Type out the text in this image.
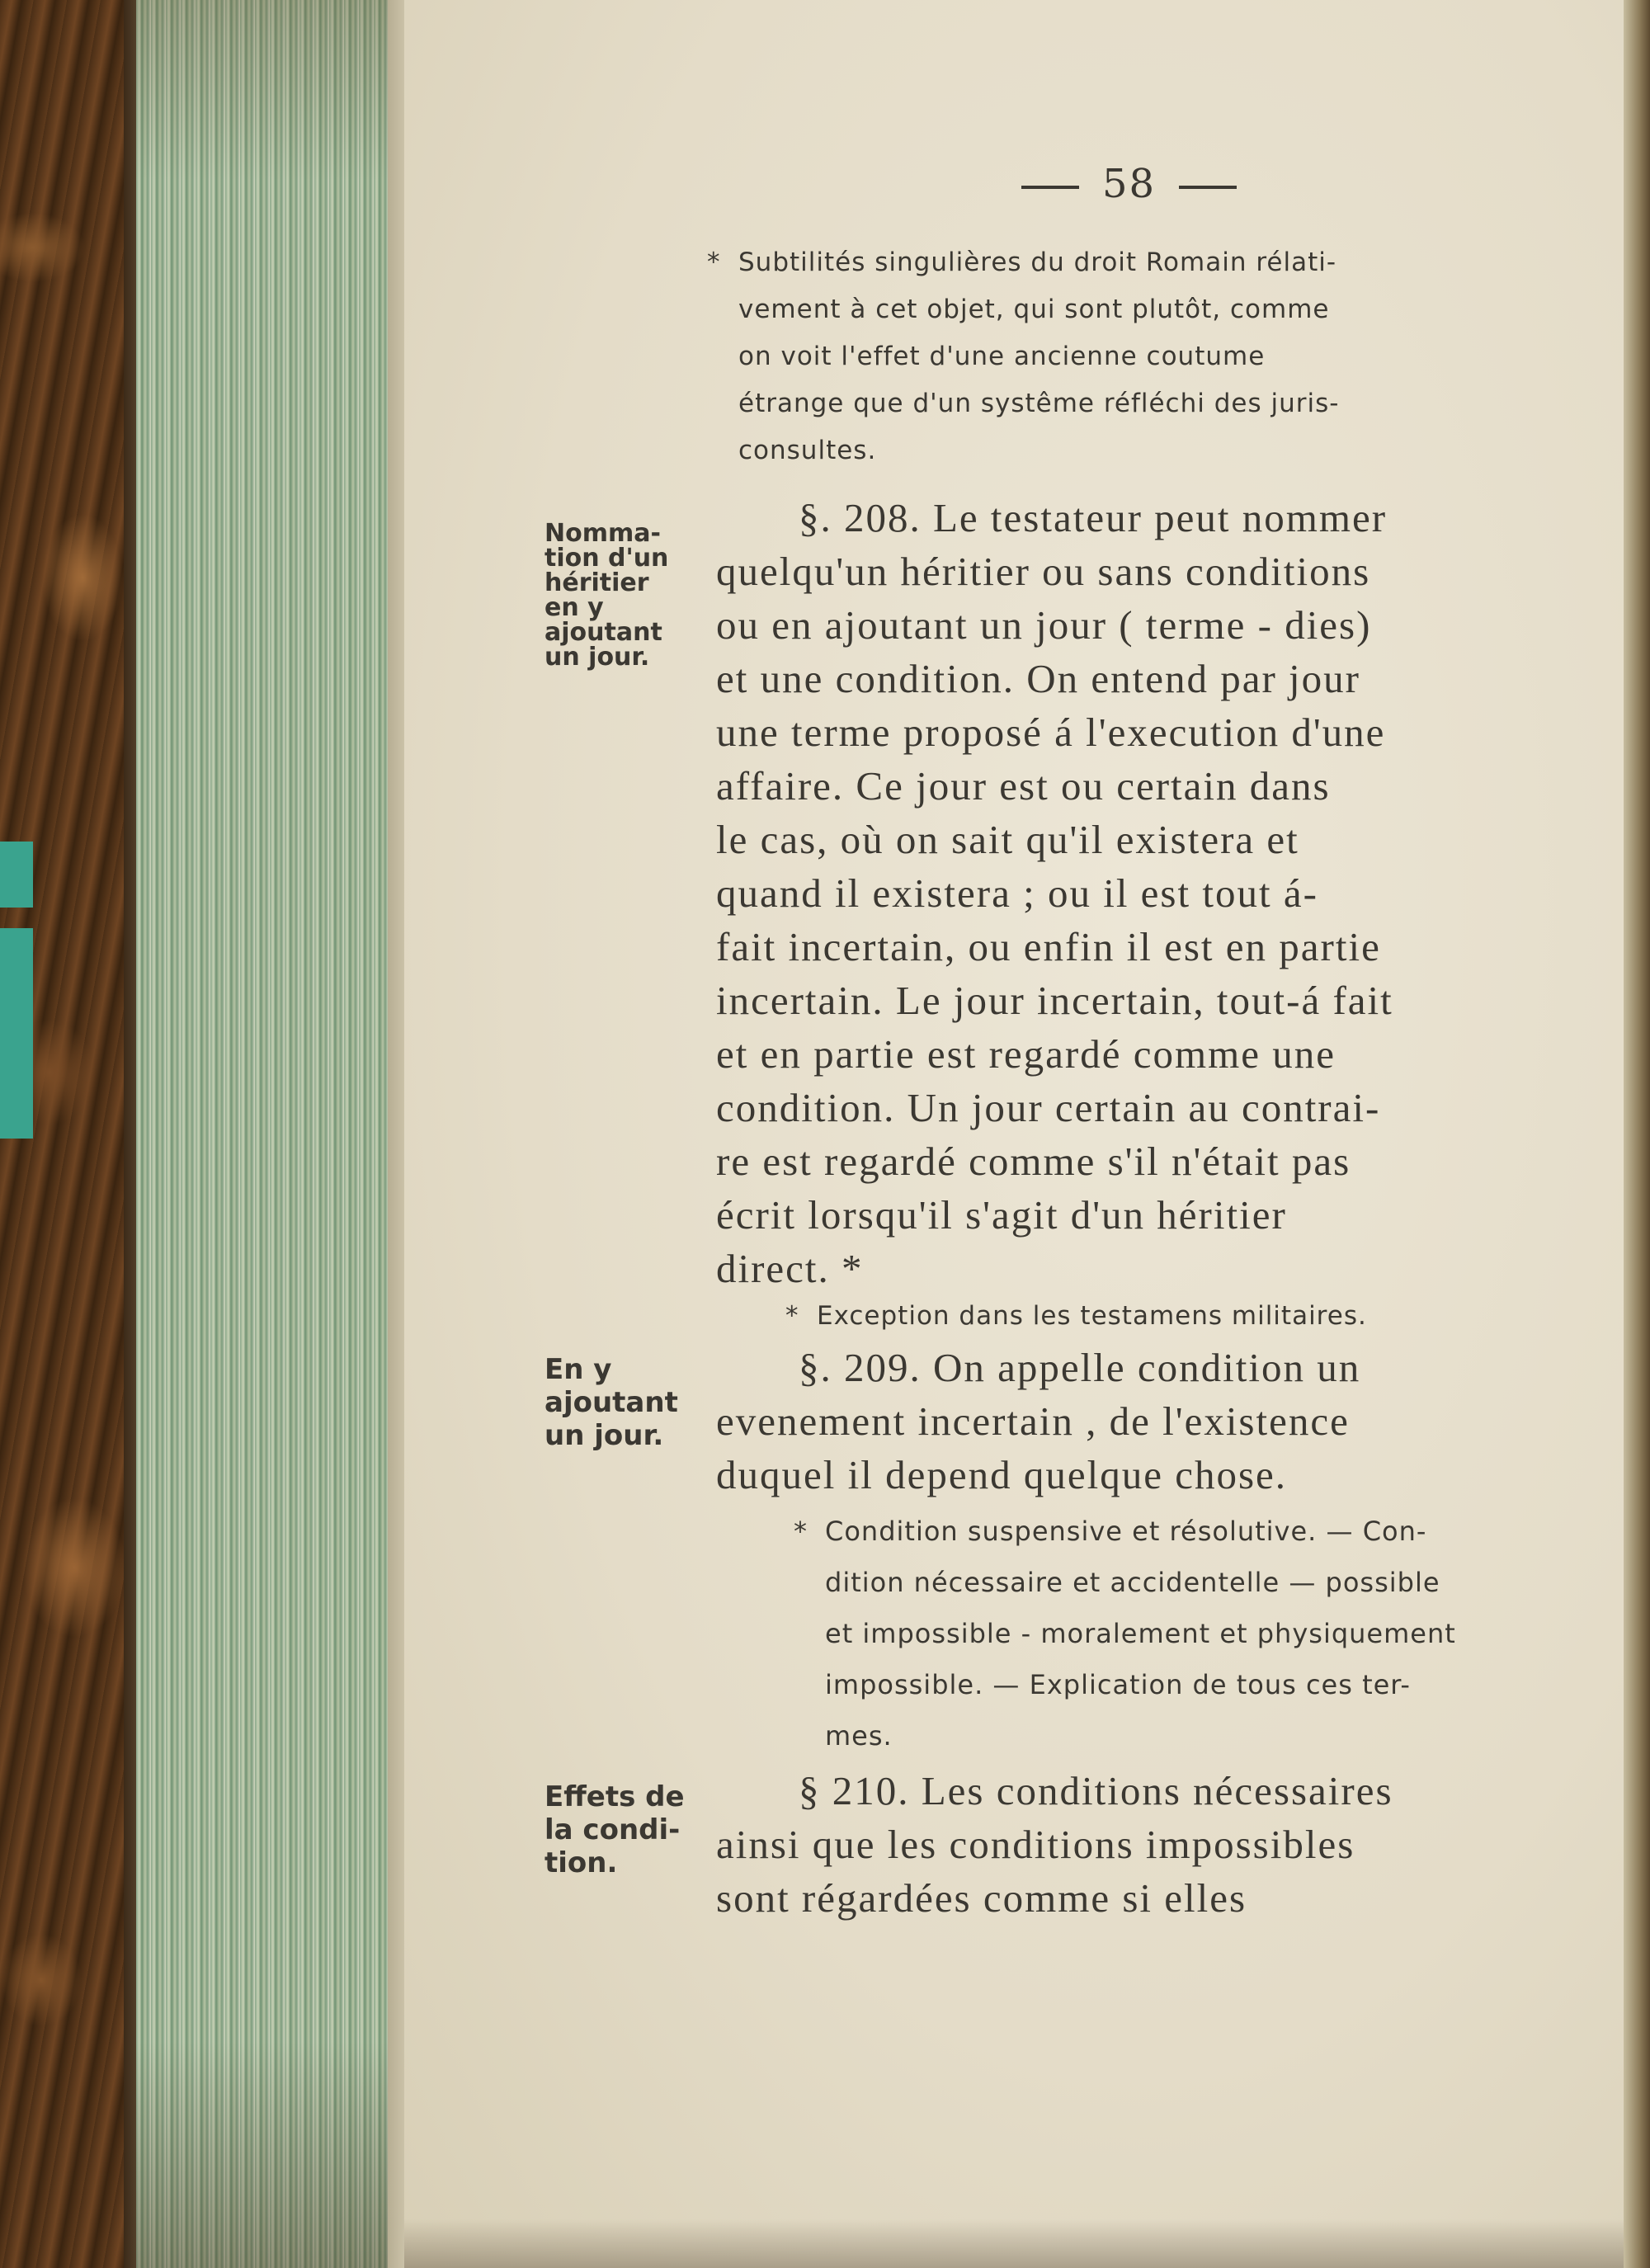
58
* Subtilités singulières du droit Romain rélati-
vement à cet objet, qui sont plutôt, comme
on voit l'effet d'une ancienne coutume
étrange que d'un systême réfléchi des juris-
consultes.
Nomma-
tion d'un
héritier
en y
ajoutant
un jour.
§. 208. Le testateur peut nommer
quelqu'un héritier ou sans conditions
ou en ajoutant un jour ( terme - dies)
et une condition. On entend par jour
une terme proposé á l'execution d'une
affaire. Ce jour est ou certain dans
le cas, où on sait qu'il existera et
quand il existera ; ou il est tout á-
fait incertain, ou enfin il est en partie
incertain. Le jour incertain, tout-á fait
et en partie est regardé comme une
condition. Un jour certain au contrai-
re est regardé comme s'il n'était pas
écrit lorsqu'il s'agit d'un héritier
direct. *
* Exception dans les testamens militaires.
En y
ajoutant
un jour.
§. 209. On appelle condition un
evenement incertain , de l'existence
duquel il depend quelque chose.
* Condition suspensive et résolutive. — Con-
dition nécessaire et accidentelle — possible
et impossible - moralement et physiquement
impossible. — Explication de tous ces ter-
mes.
Effets de
la condi-
tion.
§ 210. Les conditions nécessaires
ainsi que les conditions impossibles
sont régardées comme si elles
